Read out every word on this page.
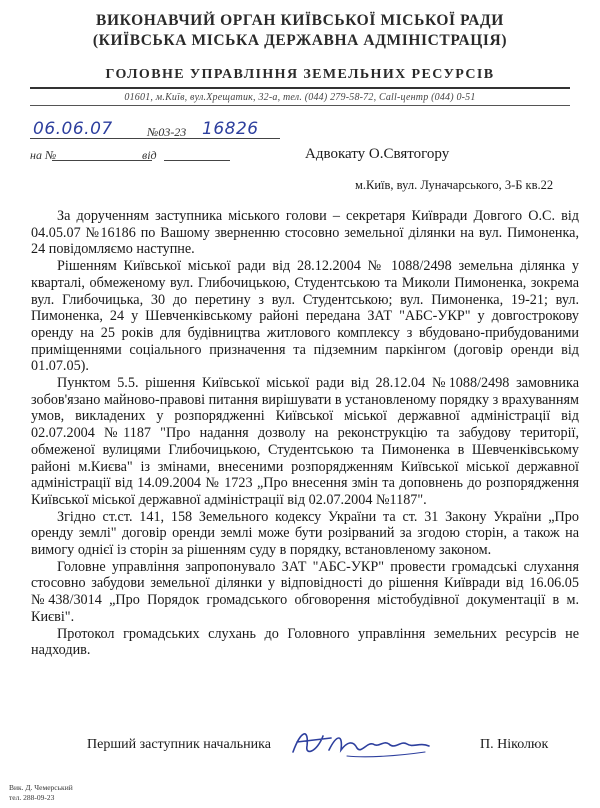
ВИКОНАВЧИЙ ОРГАН КИЇВСЬКОЇ МІСЬКОЇ РАДИ
(КИЇВСЬКА МІСЬКА ДЕРЖАВНА АДМІНІСТРАЦІЯ)
ГОЛОВНЕ УПРАВЛІННЯ ЗЕМЕЛЬНИХ РЕСУРСІВ
01601, м.Київ, вул.Хрещатик, 32-а, тел. (044) 279-58-72, Call-центр (044) 0-51
06.06.07	№03-23 16826
на №	від	Адвокату О.Святогору
м.Київ, вул. Луначарського, 3-Б кв.22

За дорученням заступника міського голови – секретаря Київради Довгого О.С. від 04.05.07 №16186 по Вашому зверненню стосовно земельної ділянки на вул. Пимоненка, 24 повідомляємо наступне.

Рішенням Київської міської ради від 28.12.2004 № 1088/2498 земельна ділянка у кварталі, обмеженому вул. Глибочицькою, Студентською та Миколи Пимоненка, зокрема вул. Глибочицька, 30 до перетину з вул. Студентською; вул. Пимоненка, 19-21; вул. Пимоненка, 24 у Шевченківському районі передана ЗАТ "АБС-УКР" у довгострокову оренду на 25 років для будівництва житлового комплексу з вбудовано-прибудованими приміщеннями соціального призначення та підземним паркінгом (договір оренди від 01.07.05).

Пунктом 5.5. рішення Київської міської ради від 28.12.04 №1088/2498 замовника зобов'язано майново-правові питання вирішувати в установленому порядку з врахуванням умов, викладених у розпорядженні Київської міської державної адміністрації від 02.07.2004 №1187 "Про надання дозволу на реконструкцію та забудову території, обмеженої вулицями Глибочицькою, Студентською та Пимоненка в Шевченківському районі м.Києва" із змінами, внесеними розпорядженням Київської міської державної адміністрації від 14.09.2004 № 1723 „Про внесення змін та доповнень до розпорядження Київської міської державної адміністрації від 02.07.2004 №1187".

Згідно ст.ст. 141, 158 Земельного кодексу України та ст. 31 Закону України „Про оренду землі" договір оренди землі може бути розірваний за згодою сторін, а також на вимогу однієї із сторін за рішенням суду в порядку, встановленому законом.

Головне управління запропонувало ЗАТ "АБС-УКР" провести громадські слухання стосовно забудови земельної ділянки у відповідності до рішення Київради від 16.06.05 №438/3014 „Про Порядок громадського обговорення містобудівної документації в м. Києві".

Протокол громадських слухань до Головного управління земельних ресурсів не надходив.

Перший заступник начальника	П. Ніколюк
Вик. Д. Чемерський
тел. 288-09-23
